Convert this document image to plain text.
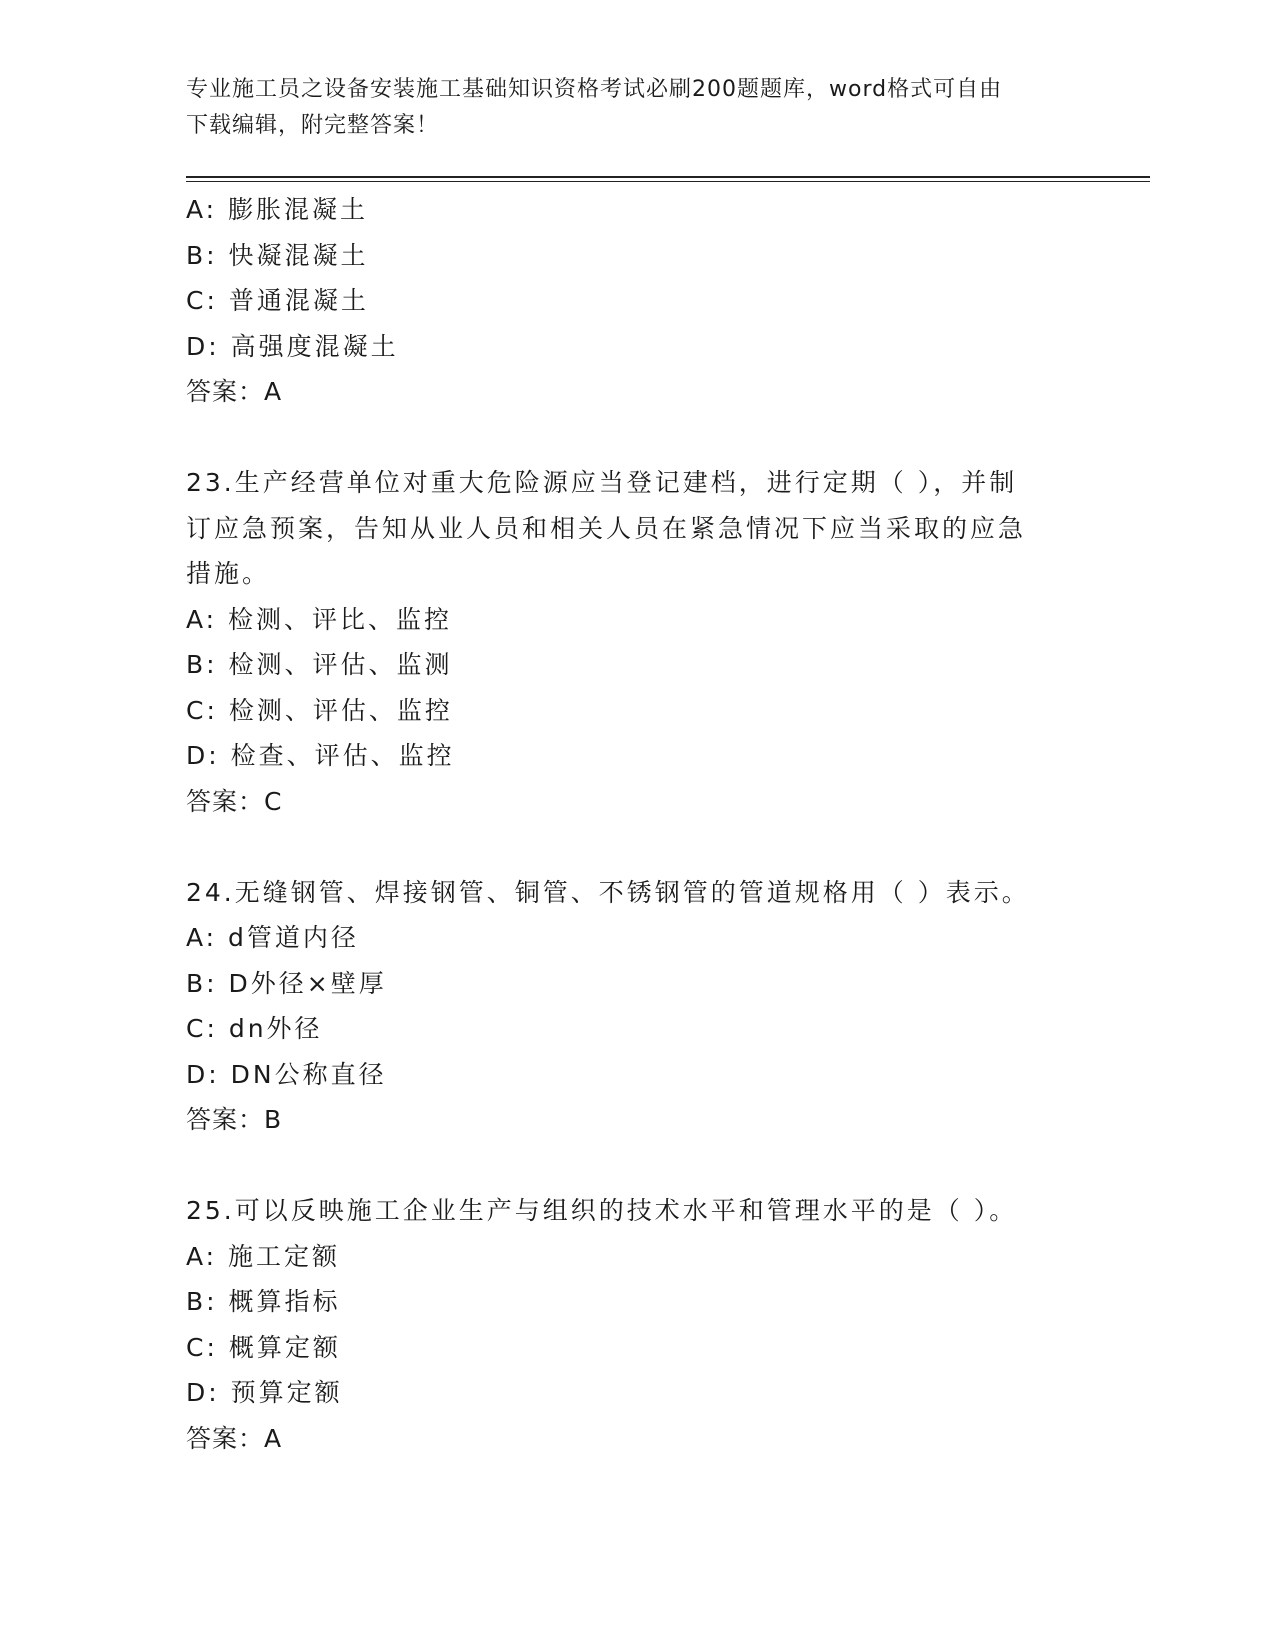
专业施工员之设备安装施工基础知识资格考试必刷200题题库，word格式可自由
下载编辑，附完整答案！
A: 膨胀混凝土
B: 快凝混凝土
C: 普通混凝土
D: 高强度混凝土
答案：A
23.生产经营单位对重大危险源应当登记建档，进行定期（ ），并制
订应急预案，告知从业人员和相关人员在紧急情况下应当采取的应急
措施。
A: 检测、评比、监控
B: 检测、评估、监测
C: 检测、评估、监控
D: 检查、评估、监控
答案：C
24.无缝钢管、焊接钢管、铜管、不锈钢管的管道规格用（ ）表示。
A: d管道内径
B: D外径×壁厚
C: dn外径
D: DN公称直径
答案：B
25.可以反映施工企业生产与组织的技术水平和管理水平的是（ ）。
A: 施工定额
B: 概算指标
C: 概算定额
D: 预算定额
答案：A
